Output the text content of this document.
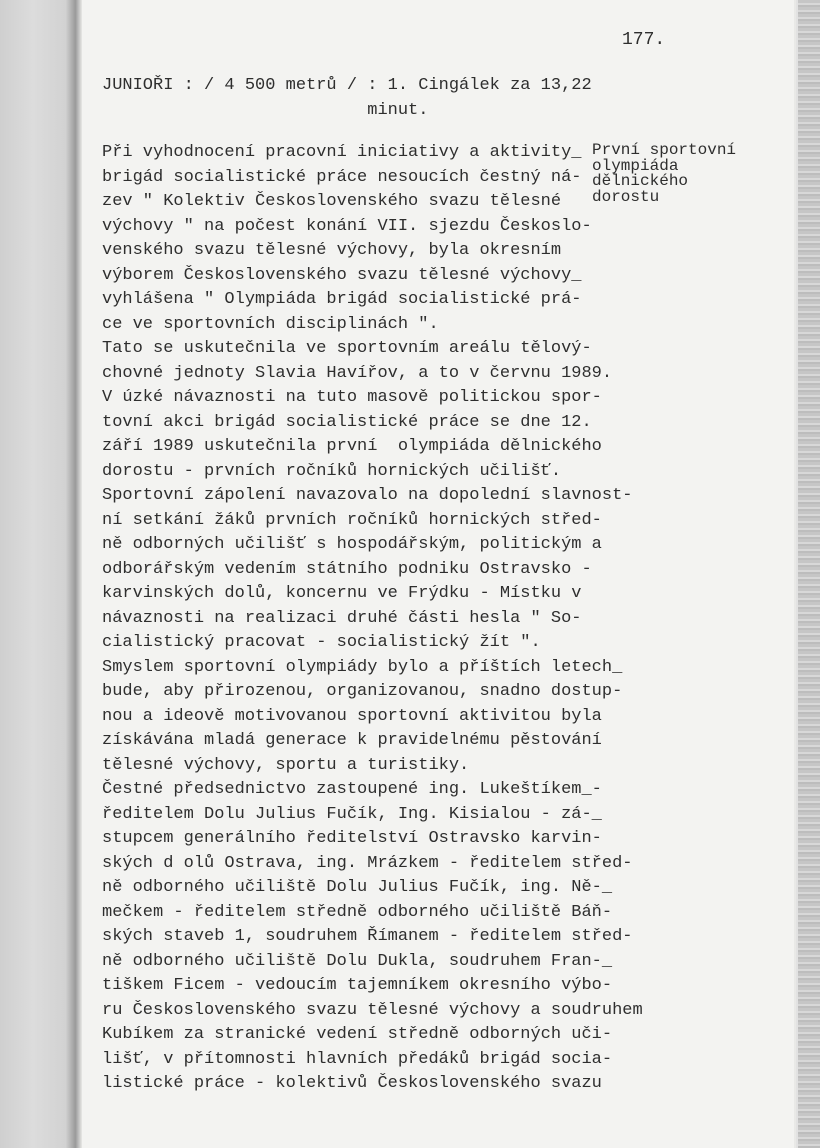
177.
JUNIOŘI : / 4 500 metrů / : 1. Cingálek za 13,22
minut.
První sportovní
olympiáda
dělnického
dorostu
Při vyhodnocení pracovní iniciativy a aktivity_
brigád socialistické práce nesoucích čestný ná-
zev " Kolektiv Československého svazu tělesné
výchovy " na počest konání VII. sjezdu Českoslo-
venského svazu tělesné výchovy, byla okresním
výborem Československého svazu tělesné výchovy_
vyhlášena " Olympiáda brigád socialistické prá-
ce ve sportovních disciplinách ".
Tato se uskutečnila ve sportovním areálu tělový-
chovné jednoty Slavia Havířov, a to v červnu 1989.
V úzké návaznosti na tuto masově politickou spor-
tovní akci brigád socialistické práce se dne 12.
září 1989 uskutečnila první  olympiáda dělnického
dorostu - prvních ročníků hornických učilišť.
Sportovní zápolení navazovalo na dopolední slavnost-
ní setkání žáků prvních ročníků hornických střed-
ně odborných učilišť s hospodářským, politickým a
odborářským vedením státního podniku Ostravsko -
karvinských dolů, koncernu ve Frýdku - Místku v
návaznosti na realizaci druhé části hesla " So-
cialistický pracovat - socialistický žít ".
Smyslem sportovní olympiády bylo a příštích letech_
bude, aby přirozenou, organizovanou, snadno dostup-
nou a ideově motivovanou sportovní aktivitou byla
získávána mladá generace k pravidelnému pěstování
tělesné výchovy, sportu a turistiky.
Čestné předsednictvo zastoupené ing. Lukeštíkem_-
ředitelem Dolu Julius Fučík, Ing. Kisialou - zá-_
stupcem generálního ředitelství Ostravsko karvin-
ských d olů Ostrava, ing. Mrázkem - ředitelem střed-
ně odborného učiliště Dolu Julius Fučík, ing. Ně-_
mečkem - ředitelem středně odborného učiliště Báň-
ských staveb 1, soudruhem Římanem - ředitelem střed-
ně odborného učiliště Dolu Dukla, soudruhem Fran-_
tiškem Ficem - vedoucím tajemníkem okresního výbo-
ru Československého svazu tělesné výchovy a soudruhem
Kubíkem za stranické vedení středně odborných uči-
lišť, v přítomnosti hlavních předáků brigád socia-
listické práce - kolektivů Československého svazu
